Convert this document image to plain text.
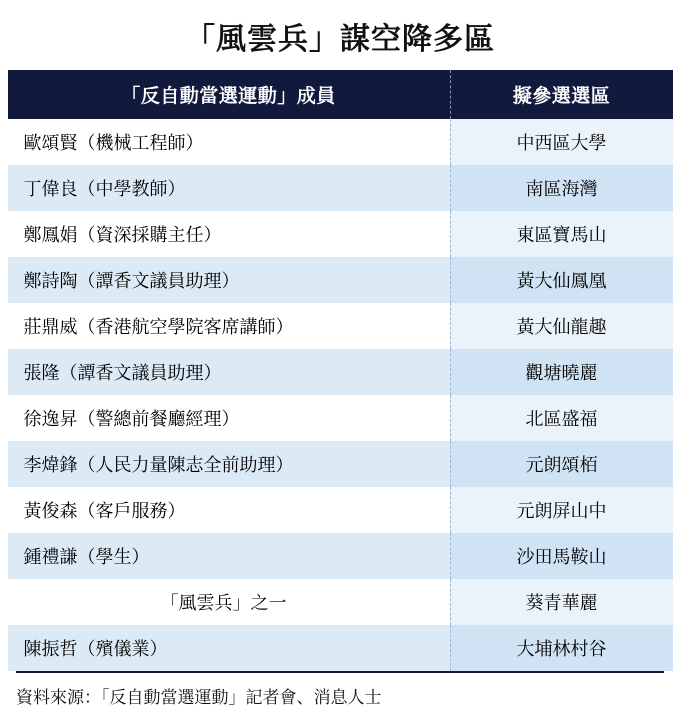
「風雲兵」謀空降多區
「反自動當選運動」成員	擬參選選區
歐頌賢（機械工程師）	中西區大學
丁偉良（中學教師）	南區海灣
鄭鳳娟（資深採購主任）	東區寶馬山
鄭詩陶（譚香文議員助理）	黃大仙鳳凰
莊鼎威（香港航空學院客席講師）	黃大仙龍趣
張隆（譚香文議員助理）	觀塘曉麗
徐逸昇（警總前餐廳經理）	北區盛福
李煒鋒（人民力量陳志全前助理）	元朗頌栢
黃俊森（客戶服務）	元朗屏山中
鍾禮謙（學生）	沙田馬鞍山
「風雲兵」之一	葵青華麗
陳振哲（殯儀業）	大埔林村谷
資料來源：「反自動當選運動」記者會、消息人士
